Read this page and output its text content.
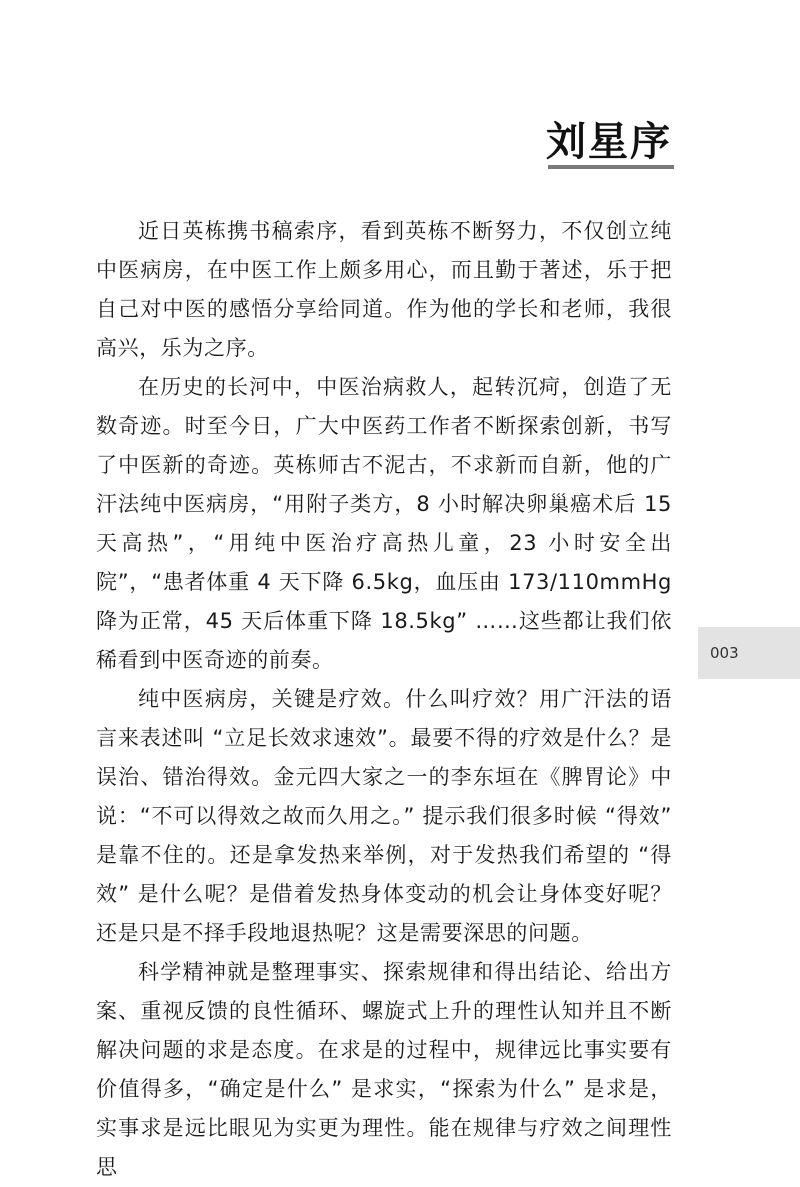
刘星序

近日英栋携书稿索序，看到英栋不断努力，不仅创立纯中医病房，在中医工作上颇多用心，而且勤于著述，乐于把自己对中医的感悟分享给同道。作为他的学长和老师，我很高兴，乐为之序。

在历史的长河中，中医治病救人，起转沉疴，创造了无数奇迹。时至今日，广大中医药工作者不断探索创新，书写了中医新的奇迹。英栋师古不泥古，不求新而自新，他的广汗法纯中医病房，“用附子类方，8 小时解决卵巢癌术后 15 天高热”，“用纯中医治疗高热儿童，23 小时安全出院”，“患者体重 4 天下降 6.5kg，血压由 173/110mmHg 降为正常，45 天后体重下降 18.5kg” ……这些都让我们依稀看到中医奇迹的前奏。

纯中医病房，关键是疗效。什么叫疗效？用广汗法的语言来表述叫 “立足长效求速效”。最要不得的疗效是什么？是误治、错治得效。金元四大家之一的李东垣在《脾胃论》中说：“不可以得效之故而久用之。” 提示我们很多时候 “得效” 是靠不住的。还是拿发热来举例，对于发热我们希望的 “得效” 是什么呢？是借着发热身体变动的机会让身体变好呢？还是只是不择手段地退热呢？这是需要深思的问题。

科学精神就是整理事实、探索规律和得出结论、给出方案、重视反馈的良性循环、螺旋式上升的理性认知并且不断解决问题的求是态度。在求是的过程中，规律远比事实要有价值得多，“确定是什么” 是求实，“探索为什么” 是求是，实事求是远比眼见为实更为理性。能在规律与疗效之间理性思

003
